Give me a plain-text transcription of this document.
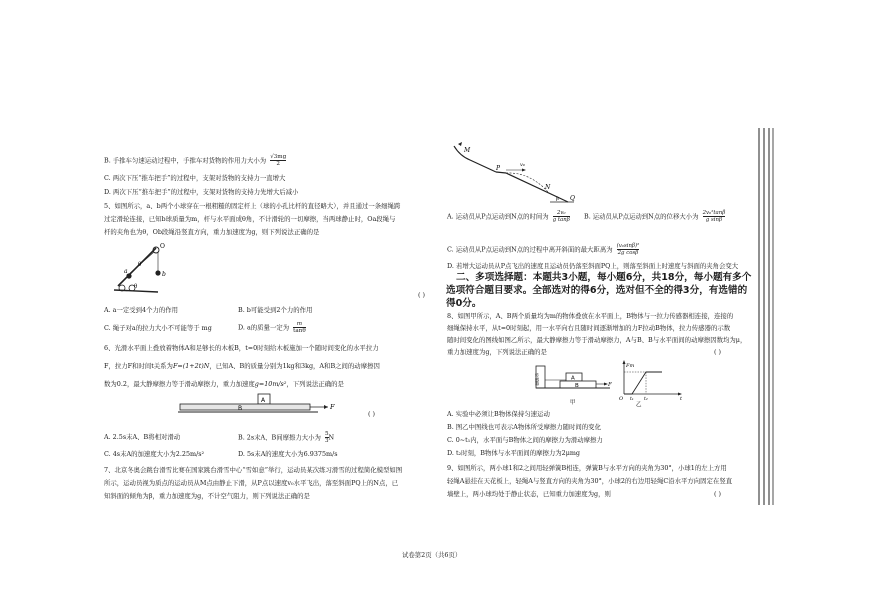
B. 手推车匀速运动过程中，手推车对货物的作用力大小为 $\frac{√3mg}{2}$
C. 两次下压“推车把手”的过程中，支架对货物的支持力一直增大
D. 两次下压“推车把手”的过程中，支架对货物的支持力先增大后减小
5、如图所示，a、b两个小球穿在一根粗糙的固定杆上（球的小孔比杆的直径略大），并且通过一条细绳跨
过定滑轮连接，已知b球质量为m，杆与水平面成θ角，不计滑轮的一切摩擦，当两球静止时，Oa段绳与
杆的夹角也为θ，Ob段绳沿竖直方向，重力加速度为g，则下列说法正确的是
O
a	b
θ
θ
( )
A. a一定受到4个力的作用	B. b可能受到2个力的作用
C. 绳子对a的拉力大小不可能等于 mg	D. a的质量一定为 $\frac{m}{\tan\theta}$
6、光滑水平面上叠放着物体A和足够长的木板B，t=0时刻给木板施加一个随时间变化的水平拉力
F，拉力F和时间t关系为F=(1+2t)N，已知A、B的质量分别为1kg和3kg，A和B之间的动摩擦因
数为0.2，最大静摩擦力等于滑动摩擦力，重力加速度g=10m/s²，下列说法正确的是
A
B	F
( )
A. 2.5s末A、B将相对滑动	B. 2s末A、B间摩擦力大小为 $\frac{5}{3}$ N
C. 4s末A的加速度大小为2.25m/s²	D. 5s末A的速度大小为6.9375m/s
7、北京冬奥会跳台滑雪比赛在国家跳台滑雪中心“雪如意”举行，运动员某次练习滑雪的过程简化模型如图
所示，运动员视为质点的运动员从M点由静止下滑，从P点以速度v₀水平飞出，落至斜面PQ上的N点，已
知斜面的倾角为β，重力加速度为g，不计空气阻力，则下列说法正确的是
M
P	v₀
N
Q
β
A. 运动员从P点运动到N点的时间为 $\frac{\text{2v₀}}{\text{g tanβ}} B$. 运动员从P点运动到N点的位移大小为 $\frac{\text{2v₀²tanβ}}{\text{g sinβ}}$
C. 运动员从P点运动到N点的过程中离开斜面的最大距离为 $\frac{\text{(v₀sinβ)²}}{\text{2g cosβ}}$
D. 若增大运动员从P点飞出的速度且运动员仍落至斜面PQ上，则落至斜面上时速度与斜面的夹角会变大
二、多项选择题：本题共3小题，每小题6分，共18分，每小题有多个
选项符合题目要求。全部选对的得6分，选对但不全的得3分，有选错的
得0分。
8、如图甲所示，A、B两个质量均为m的物体叠放在水平面上，B物体与一拉力传感器相连接，连接的
细绳保持水平，从t=0时刻起，用一水平向右且随时间逐渐增加的力F拉动B物体，拉力传感器的示数
随时间变化的图线如图乙所示，最大静摩擦力等于滑动摩擦力，A与B、B与水平面间的动摩擦因数均为μ，
重力加速度为g，下列说法正确的是	( )
传感器	A
B	F
甲
Fm
O t₁ t₂	t
乙
A. 实验中必须让B物体保持匀速运动
B. 图乙中图线也可表示A物体所受摩擦力随时间的变化
C. 0~t₁内，水平面与B物体之间的摩擦力为滑动摩擦力
D. t₂时刻，B物体与水平面间的摩擦力为2μmg
9、如图所示，两小球1和2之间用轻弹簧B相连，弹簧B与水平方向的夹角为30°，小球1的左上方用
轻绳A悬挂在天花板上，轻绳A与竖直方向的夹角为30°，小球2的右边用轻绳C沿水平方向固定在竖直
墙壁上，两小球均处于静止状态，已知重力加速度为g，则	( )
试卷第2页（共6页）
